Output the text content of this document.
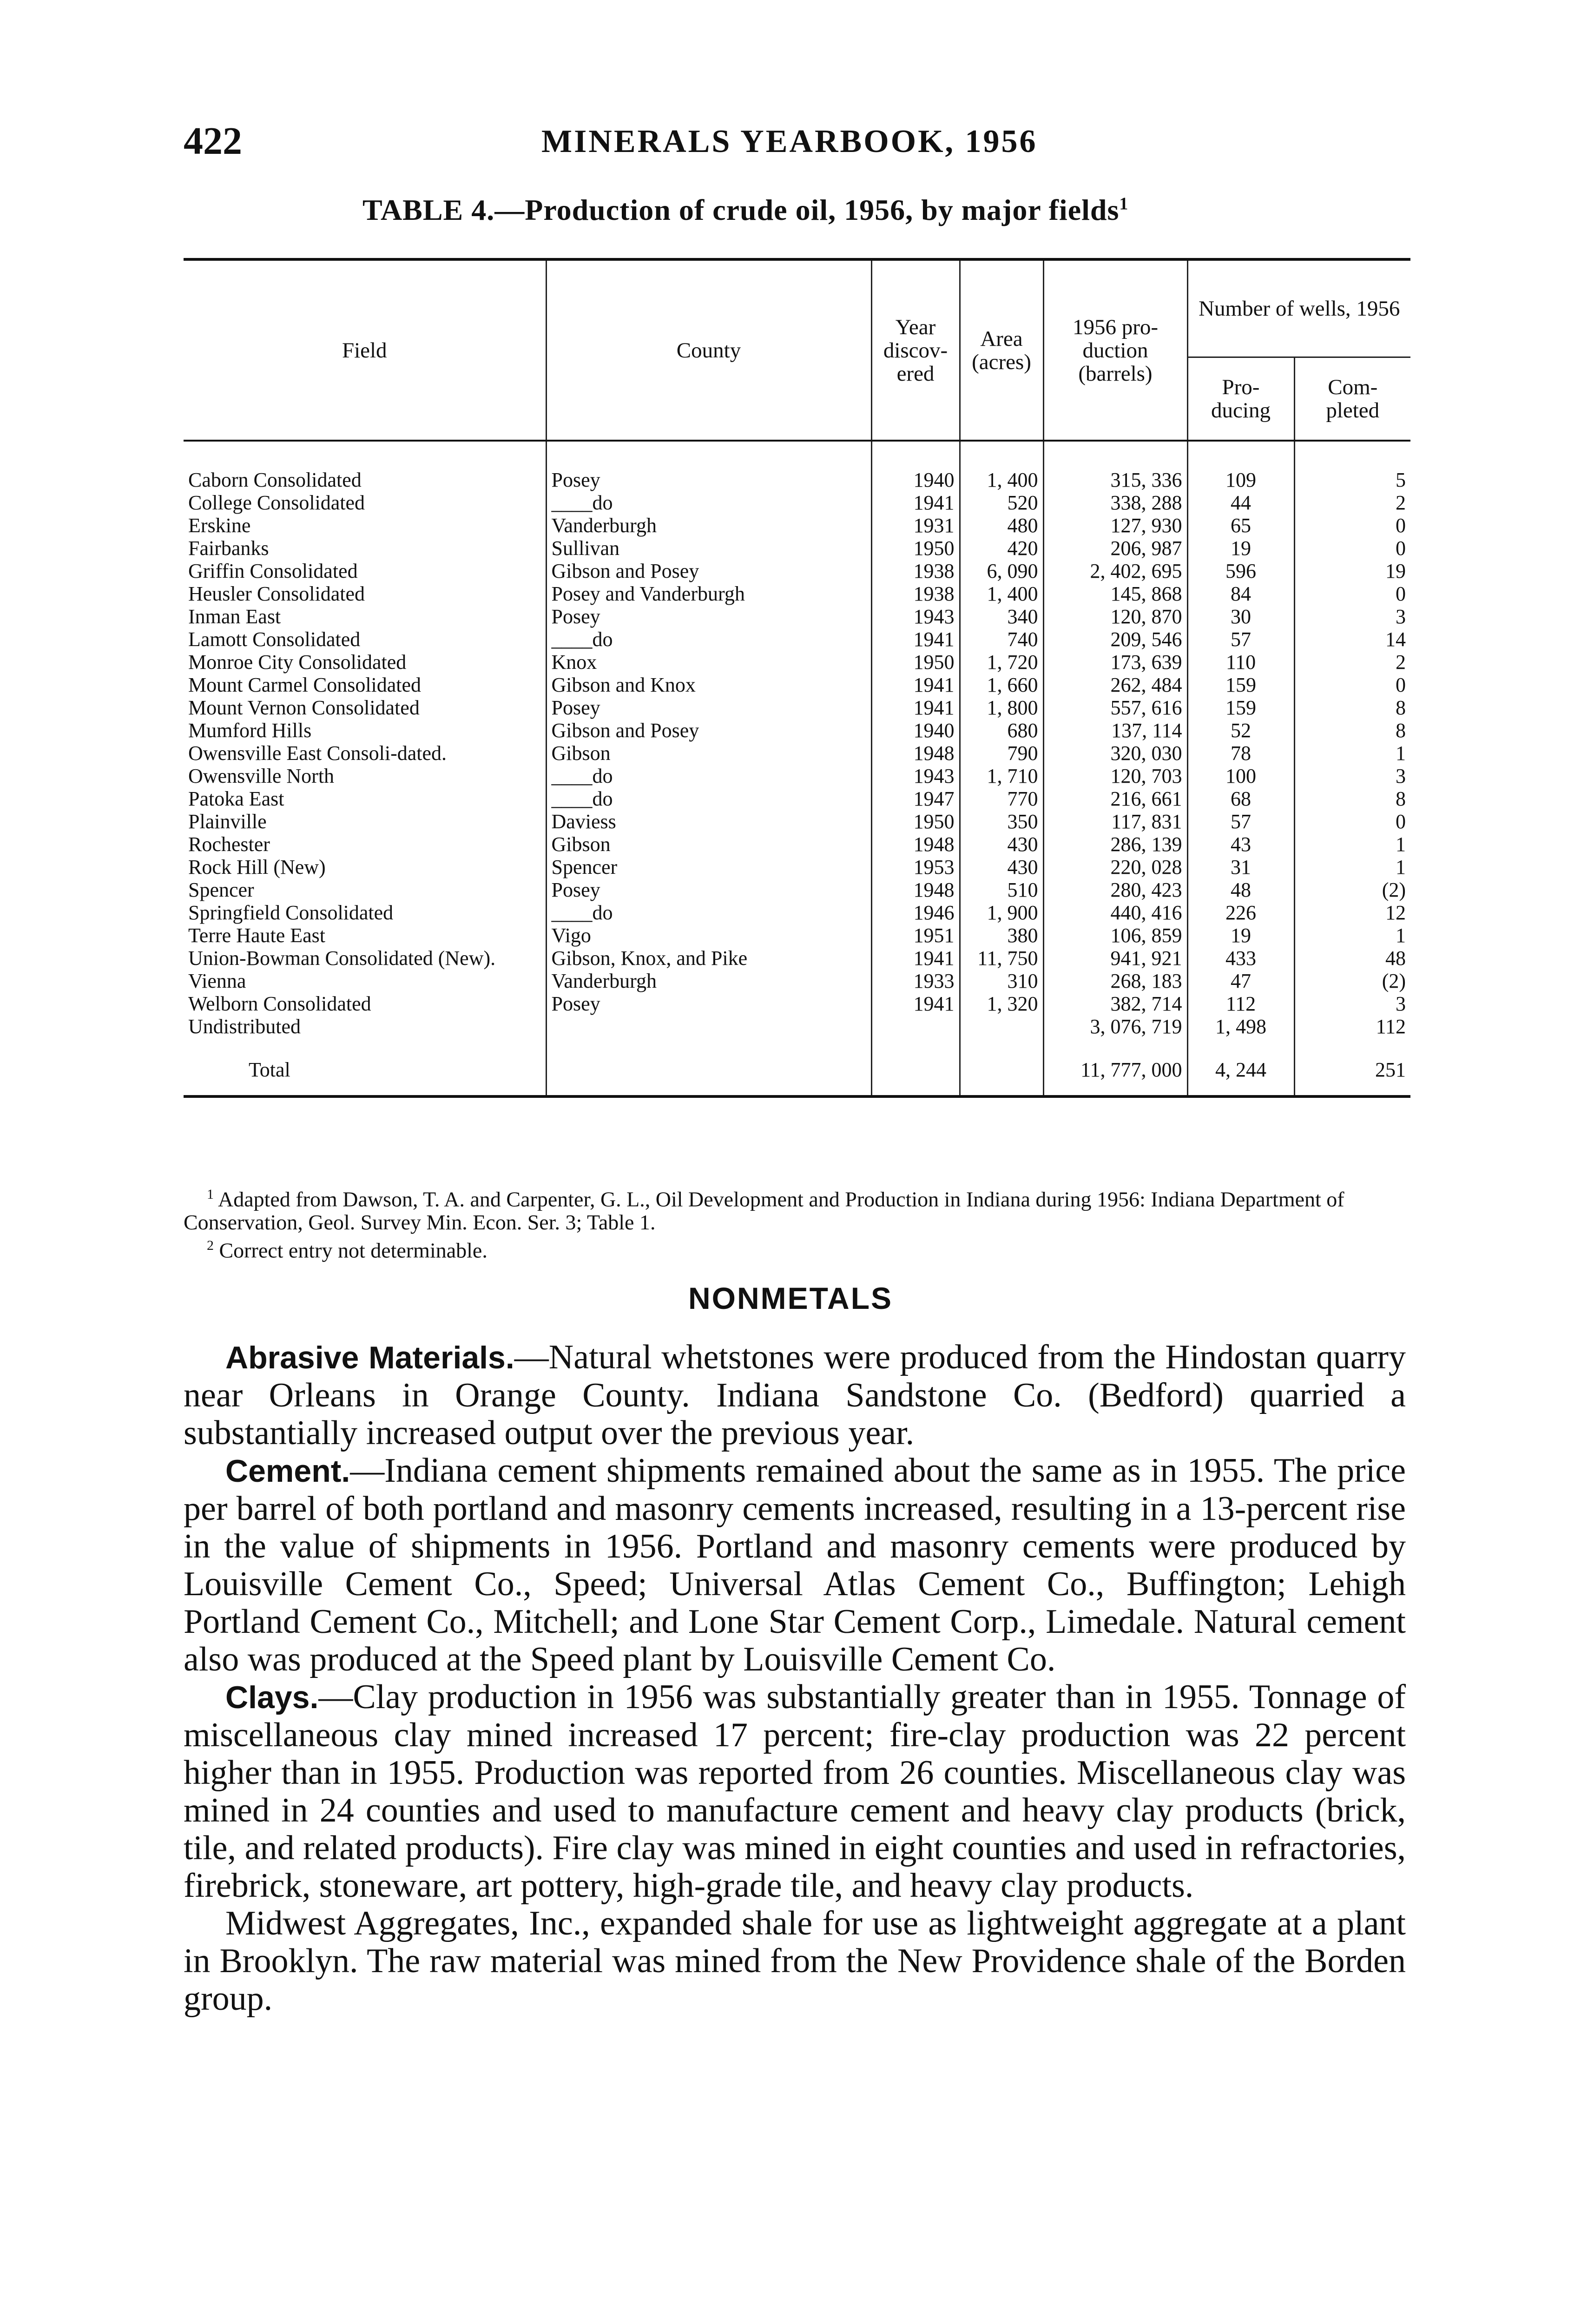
422	MINERALS YEARBOOK, 1956
TABLE 4.—Production of crude oil, 1956, by major fields$^1$
Field	County	Year discov- ered	Area (acres)	1956 pro- duction (barrels)	Number of wells, 1956	
					Pro- ducing	Com- pleted
Caborn Consolidated	Posey	1940	1, 400	315, 336	109	5
College Consolidated	____do	1941	520	338, 288	44	2
Erskine	Vanderburgh	1931	480	127, 930	65	0
Fairbanks	Sullivan	1950	420	206, 987	19	0
Griffin Consolidated	Gibson and Posey	1938	6, 090	2, 402, 695	596	19
Heusler Consolidated	Posey and Vanderburgh	1938	1, 400	145, 868	84	0
Inman East	Posey	1943	340	120, 870	30	3
Lamott Consolidated	____do	1941	740	209, 546	57	14
Monroe City Consolidated	Knox	1950	1, 720	173, 639	110	2
Mount Carmel Consolidated	Gibson and Knox	1941	1, 660	262, 484	159	0
Mount Vernon Consolidated	Posey	1941	1, 800	557, 616	159	8
Mumford Hills	Gibson and Posey	1940	680	137, 114	52	8
Owensville East Consoli-dated.	Gibson	1948	790	320, 030	78	1
Owensville North	____do	1943	1, 710	120, 703	100	3
Patoka East	____do	1947	770	216, 661	68	8
Plainville	Daviess	1950	350	117, 831	57	0
Rochester	Gibson	1948	430	286, 139	43	1
Rock Hill (New)	Spencer	1953	430	220, 028	31	1
Spencer	Posey	1948	510	280, 423	48	(2)
Springfield Consolidated	____do	1946	1, 900	440, 416	226	12
Terre Haute East	Vigo	1951	380	106, 859	19	1
Union-Bowman Consolidated (New).	Gibson, Knox, and Pike	1941	11, 750	941, 921	433	48
Vienna	Vanderburgh	1933	310	268, 183	47	(2)
Welborn Consolidated	Posey	1941	1, 320	382, 714	112	3
Undistributed				3, 076, 719	1, 498	112

Total				11, 777, 000	4, 244	251

$^1$ Adapted from Dawson, T. A. and Carpenter, G. L., Oil Development and Production in Indiana during 1956: Indiana Department of Conservation, Geol. Survey Min. Econ. Ser. 3; Table 1.

$^2$ Correct entry not determinable.

NONMETALS

Abrasive Materials.—Natural whetstones were produced from the Hindostan quarry near Orleans in Orange County. Indiana Sandstone Co. (Bedford) quarried a substantially increased output over the previous year.

Cement.—Indiana cement shipments remained about the same as in 1955. The price per barrel of both portland and masonry cements increased, resulting in a 13-percent rise in the value of shipments in 1956. Portland and masonry cements were produced by Louisville Cement Co., Speed; Universal Atlas Cement Co., Buffington; Lehigh Portland Cement Co., Mitchell; and Lone Star Cement Corp., Limedale. Natural cement also was produced at the Speed plant by Louisville Cement Co.

Clays.—Clay production in 1956 was substantially greater than in 1955. Tonnage of miscellaneous clay mined increased 17 percent; fire-clay production was 22 percent higher than in 1955. Production was reported from 26 counties. Miscellaneous clay was mined in 24 counties and used to manufacture cement and heavy clay products (brick, tile, and related products). Fire clay was mined in eight counties and used in refractories, firebrick, stoneware, art pottery, high-grade tile, and heavy clay products.

Midwest Aggregates, Inc., expanded shale for use as lightweight aggregate at a plant in Brooklyn. The raw material was mined from the New Providence shale of the Borden group.
